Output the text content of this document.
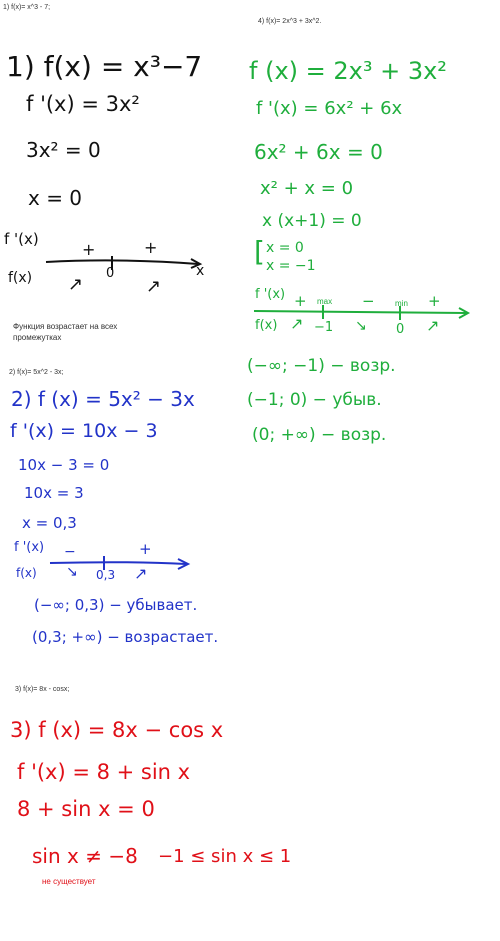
1) f(x)= x^3 - 7;
1) f(x) = x³−7
f '(x) = 3x²
3x² = 0
x = 0
f '(x)
+	+
f(x)	0	x
↗	↗
Функция возрастает на всех промежутках
4) f(x)= 2x^3 + 3x^2.
f (x) = 2x³ + 3x²
f '(x) = 6x² + 6x
6x² + 6x = 0
x² + x = 0
x (x+1) = 0
[ x = 0
x = −1
f '(x) + max −	min +
f(x) ↗ −1 ↘ 0 ↗
(−∞; −1) − возр.
(−1; 0) − убыв.
(0; +∞) − возр.
2) f(x)= 5x^2 - 3x;
2) f (x) = 5x² − 3x
f '(x) = 10x − 3
10x − 3 = 0
10x = 3
x = 0,3
f '(x) −	+
f(x) ↘ 0,3 ↗
(−∞; 0,3) − убывает.
(0,3; +∞) − возрастает.
3) f(x)= 8x - cosx;
3) f (x) = 8x − cos x
f '(x) = 8 + sin x
8 + sin x = 0
sin x ≠ −8 −1 ≤ sin x ≤ 1
не существует
